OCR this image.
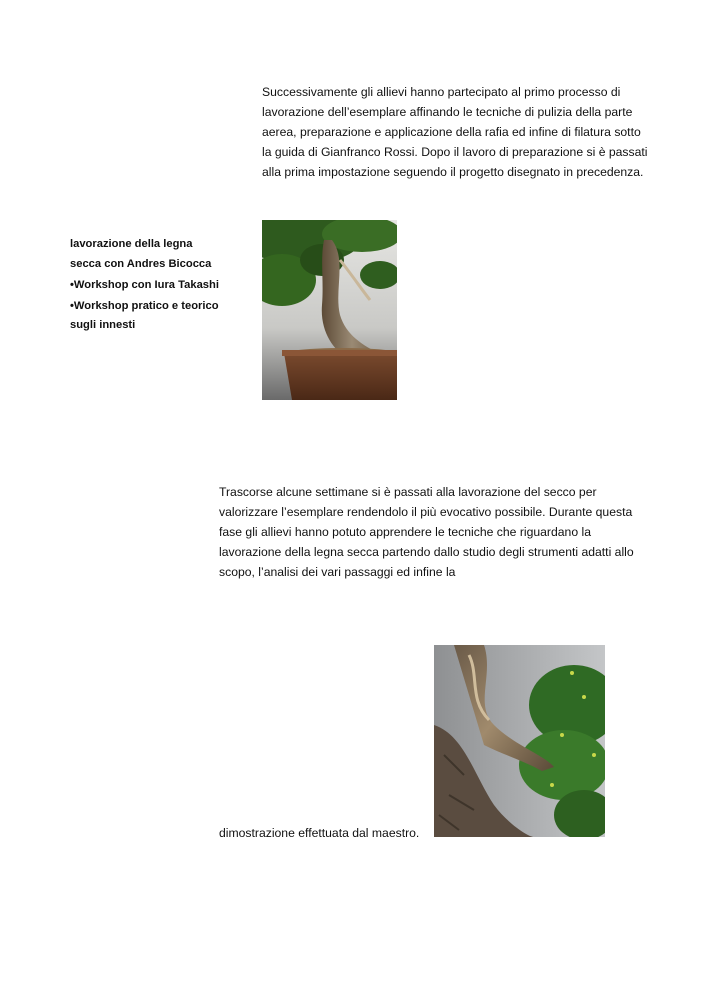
Successivamente gli allievi hanno partecipato al primo processo di lavorazione dell’esemplare affinando le tecniche di pulizia della parte aerea, preparazione e applicazione della rafia ed infine di filatura sotto la guida di Gianfranco Rossi. Dopo il lavoro di preparazione si è passati alla prima impostazione seguendo il progetto disegnato in precedenza.

lavorazione della legna secca con Andres Bicocca

•Workshop con Iura Takashi

•Workshop pratico e teorico sugli innesti

Trascorse alcune settimane si è passati alla lavorazione del secco per valorizzare l’esemplare rendendolo il più evocativo possibile. Durante questa fase gli allievi hanno potuto apprendere le tecniche che riguardano la lavorazione della legna secca partendo dallo studio degli strumenti adatti allo scopo, l’analisi dei vari passaggi ed infine la

dimostrazione effettuata dal maestro.
